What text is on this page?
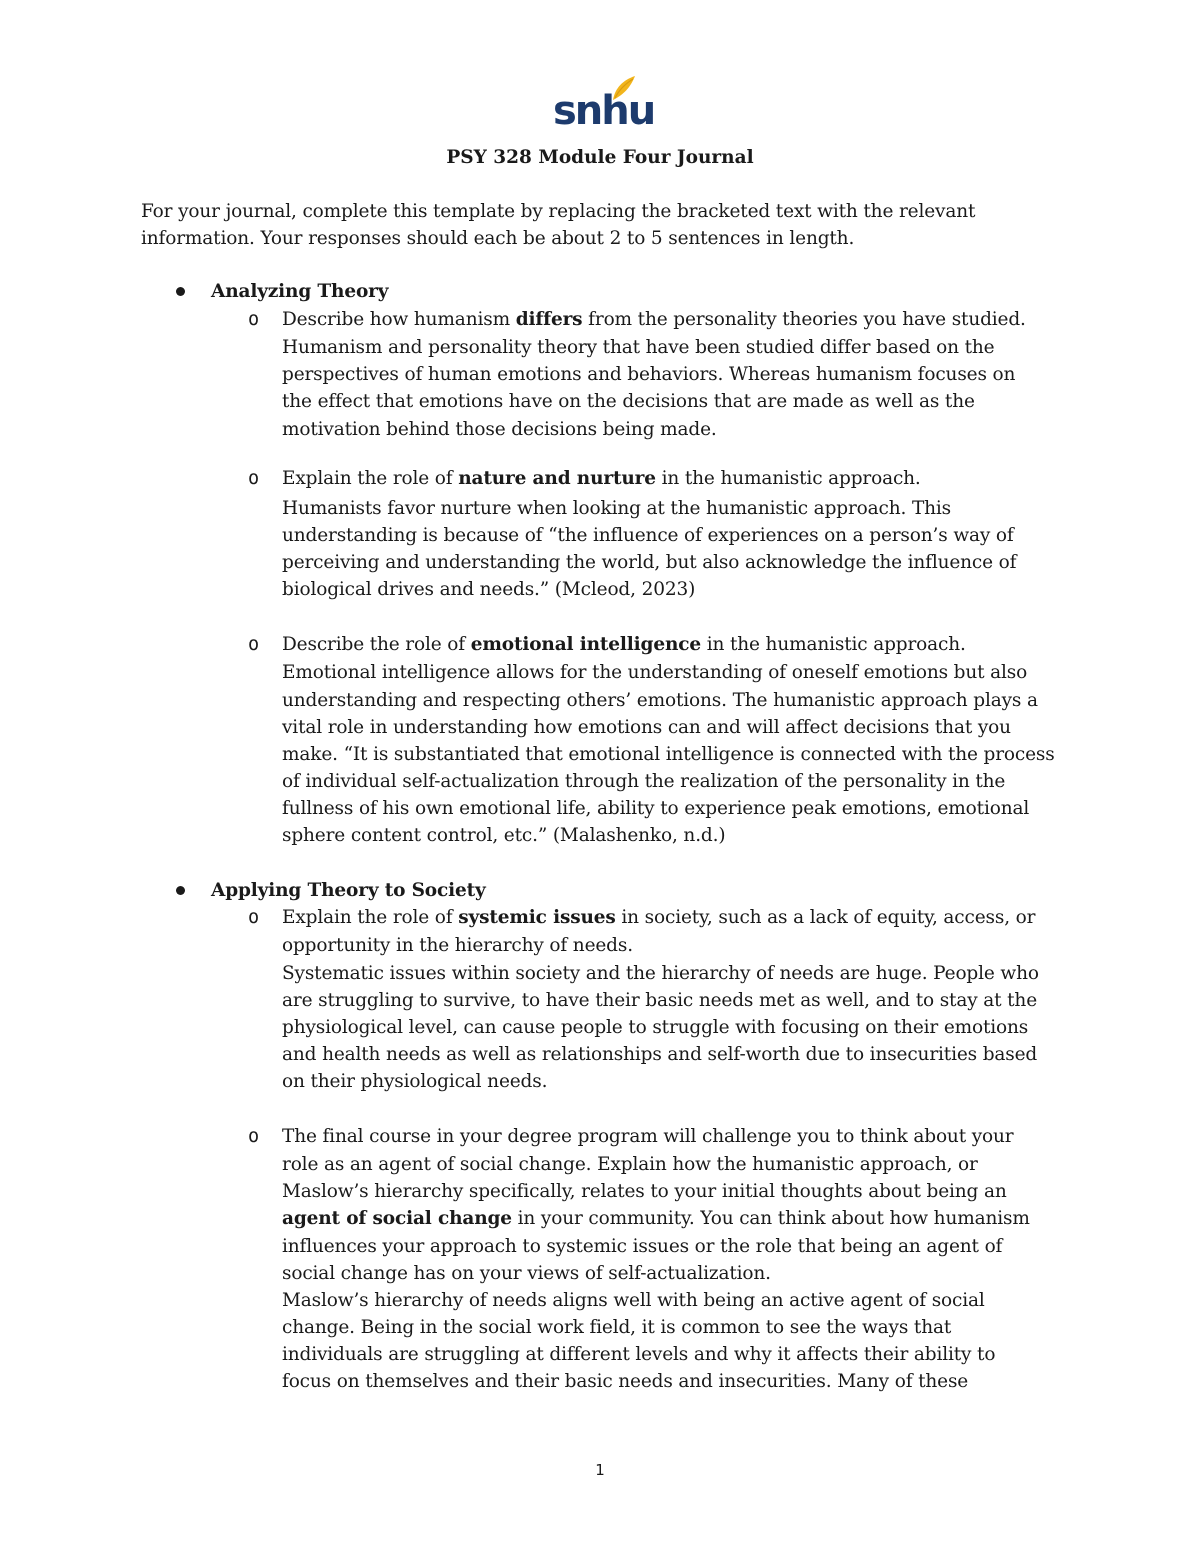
snhu
PSY 328 Module Four Journal
For your journal, complete this template by replacing the bracketed text with the relevant
information. Your responses should each be about 2 to 5 sentences in length.
Analyzing Theory
o Describe how humanism differs from the personality theories you have studied.
Humanism and personality theory that have been studied differ based on the
perspectives of human emotions and behaviors. Whereas humanism focuses on
the effect that emotions have on the decisions that are made as well as the
motivation behind those decisions being made.
o Explain the role of nature and nurture in the humanistic approach.
Humanists favor nurture when looking at the humanistic approach. This
understanding is because of “the influence of experiences on a person’s way of
perceiving and understanding the world, but also acknowledge the influence of
biological drives and needs.” (Mcleod, 2023)
o Describe the role of emotional intelligence in the humanistic approach.
Emotional intelligence allows for the understanding of oneself emotions but also
understanding and respecting others’ emotions. The humanistic approach plays a
vital role in understanding how emotions can and will affect decisions that you
make. “It is substantiated that emotional intelligence is connected with the process
of individual self-actualization through the realization of the personality in the
fullness of his own emotional life, ability to experience peak emotions, emotional
sphere content control, etc.” (Malashenko, n.d.)
Applying Theory to Society
o Explain the role of systemic issues in society, such as a lack of equity, access, or
opportunity in the hierarchy of needs.
Systematic issues within society and the hierarchy of needs are huge. People who
are struggling to survive, to have their basic needs met as well, and to stay at the
physiological level, can cause people to struggle with focusing on their emotions
and health needs as well as relationships and self-worth due to insecurities based
on their physiological needs.
o The final course in your degree program will challenge you to think about your
role as an agent of social change. Explain how the humanistic approach, or
Maslow’s hierarchy specifically, relates to your initial thoughts about being an
agent of social change in your community. You can think about how humanism
influences your approach to systemic issues or the role that being an agent of
social change has on your views of self-actualization.
Maslow’s hierarchy of needs aligns well with being an active agent of social
change. Being in the social work field, it is common to see the ways that
individuals are struggling at different levels and why it affects their ability to
focus on themselves and their basic needs and insecurities. Many of these
1
